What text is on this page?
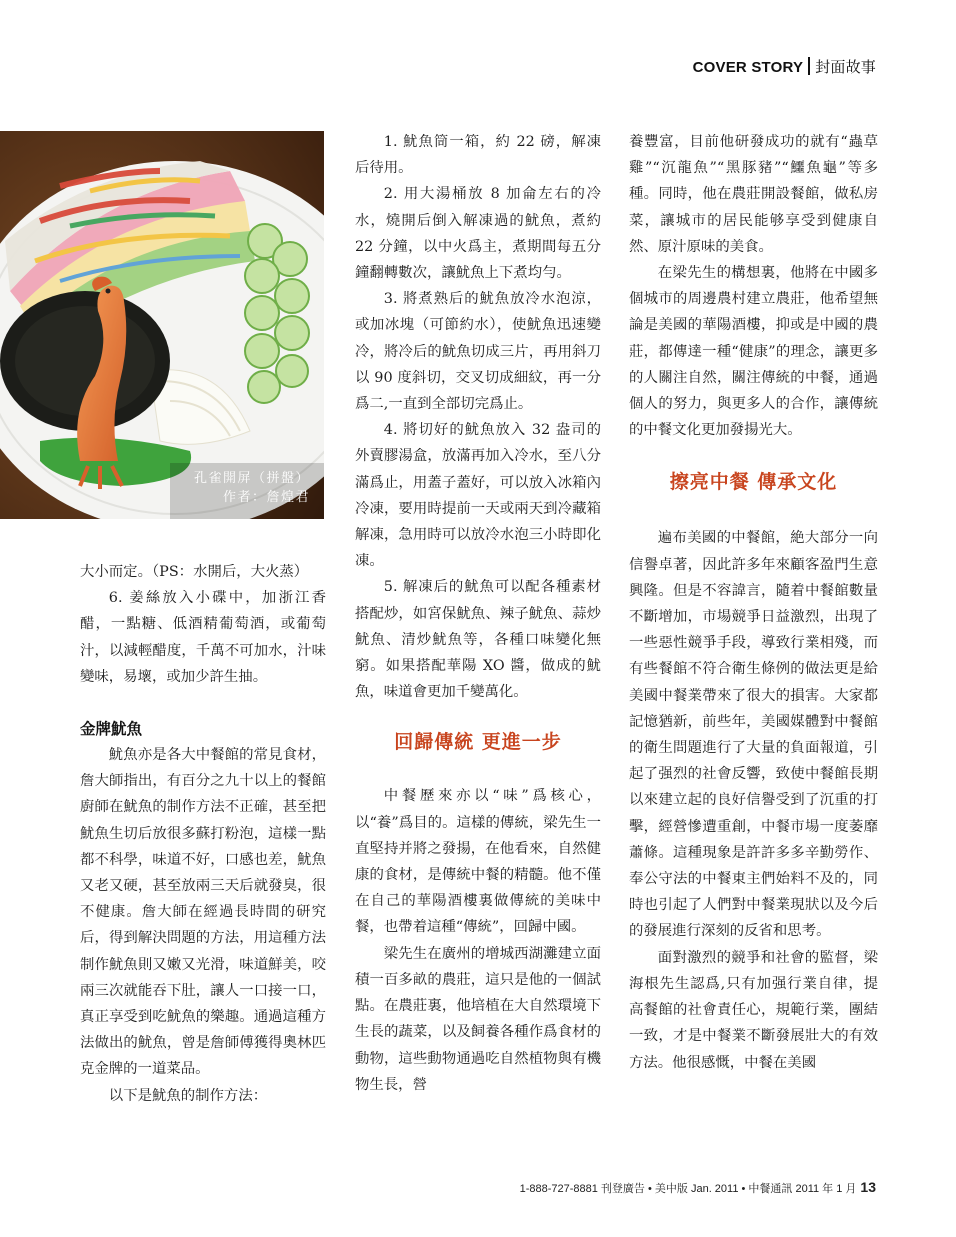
COVER STORY 封面故事
孔雀開屏（拼盤）
作者：詹煌君

大小而定。（PS：水開后，大火蒸）

6. 姜絲放入小碟中，加浙江香醋，一點糖、低酒精葡萄酒，或葡萄汁，以減輕醋度，千萬不可加水，汁味變味，易壞，或加少許生抽。

金牌魷魚

魷魚亦是各大中餐館的常見食材，詹大師指出，有百分之九十以上的餐館廚師在魷魚的制作方法不正確，甚至把魷魚生切后放很多蘇打粉泡，這樣一點都不科學，味道不好，口感也差，魷魚又老又硬，甚至放兩三天后就發臭，很不健康。詹大師在經過長時間的研究后，得到解決問題的方法，用這種方法制作魷魚則又嫩又光滑，味道鮮美，咬兩三次就能吞下肚，讓人一口接一口，真正享受到吃魷魚的樂趣。通過這種方法做出的魷魚，曾是詹師傅獲得奧林匹克金牌的一道菜品。

以下是魷魚的制作方法：

1. 魷魚筒一箱，約 22 磅，解凍后待用。

2. 用大湯桶放 8 加侖左右的冷水，燒開后倒入解凍過的魷魚，煮約 22 分鐘，以中火爲主，煮期間每五分鐘翻轉數次，讓魷魚上下煮均勻。

3. 將煮熟后的魷魚放冷水泡涼，或加冰塊（可節約水），使魷魚迅速變冷，將冷后的魷魚切成三片，再用斜刀以 90 度斜切，交叉切成細紋，再一分爲二,一直到全部切完爲止。

4. 將切好的魷魚放入 32 盎司的外賣膠湯盒，放滿再加入冷水，至八分滿爲止，用蓋子蓋好，可以放入冰箱內冷凍，要用時提前一天或兩天到冷藏箱解凍，急用時可以放冷水泡三小時即化凍。

5. 解凍后的魷魚可以配各種素材搭配炒，如宮保魷魚、辣子魷魚、蒜炒魷魚、清炒魷魚等，各種口味變化無窮。如果搭配華陽 XO 醬，做成的魷魚，味道會更加千變萬化。

回歸傳統 更進一步

中餐歷來亦以“味”爲核心，以“養”爲目的。這樣的傳統，梁先生一直堅持并將之發揚，在他看來，自然健康的食材，是傳統中餐的精髓。他不僅在自己的華陽酒樓裏做傳統的美味中餐，也帶着這種“傳統”，回歸中國。

梁先生在廣州的增城西湖灘建立面積一百多畝的農莊，這只是他的一個試點。在農莊裏，他培植在大自然環境下生長的蔬菜，以及飼養各種作爲食材的動物，這些動物通過吃自然植物與有機物生長，營

養豐富，目前他研發成功的就有“蟲草雞”“沉龍魚”“黑豚豬”“鱷魚龜”等多種。同時，他在農莊開設餐館，做私房菜，讓城市的居民能够享受到健康自然、原汁原味的美食。

在梁先生的構想裏，他將在中國多個城市的周邊農村建立農莊，他希望無論是美國的華陽酒樓，抑或是中國的農莊，都傳達一種“健康”的理念，讓更多的人關注自然，關注傳統的中餐，通過個人的努力，與更多人的合作，讓傳統的中餐文化更加發揚光大。

擦亮中餐 傳承文化

遍布美國的中餐館，絶大部分一向信譽卓著，因此許多年來顧客盈門生意興隆。但是不容諱言，隨着中餐館數量不斷增加，市場競爭日益激烈，出現了一些惡性競爭手段，導致行業相殘，而有些餐館不符合衛生條例的做法更是給美國中餐業帶來了很大的損害。大家都記憶猶新，前些年，美國媒體對中餐館的衛生問題進行了大量的負面報道，引起了强烈的社會反響，致使中餐館長期以來建立起的良好信譽受到了沉重的打擊，經營慘遭重創，中餐市場一度萎靡蕭條。這種現象是許許多多辛勤勞作、奉公守法的中餐東主們始料不及的，同時也引起了人們對中餐業現狀以及今后的發展進行深刻的反省和思考。

面對激烈的競爭和社會的監督，梁海根先生認爲,只有加强行業自律，提高餐館的社會責任心，規範行業，團結一致，才是中餐業不斷發展壯大的有效方法。他很感慨，中餐在美國

1-888-727-8881 刊登廣告 • 美中版 Jan. 2011 • 中餐通訊 2011 年 1 月 13
